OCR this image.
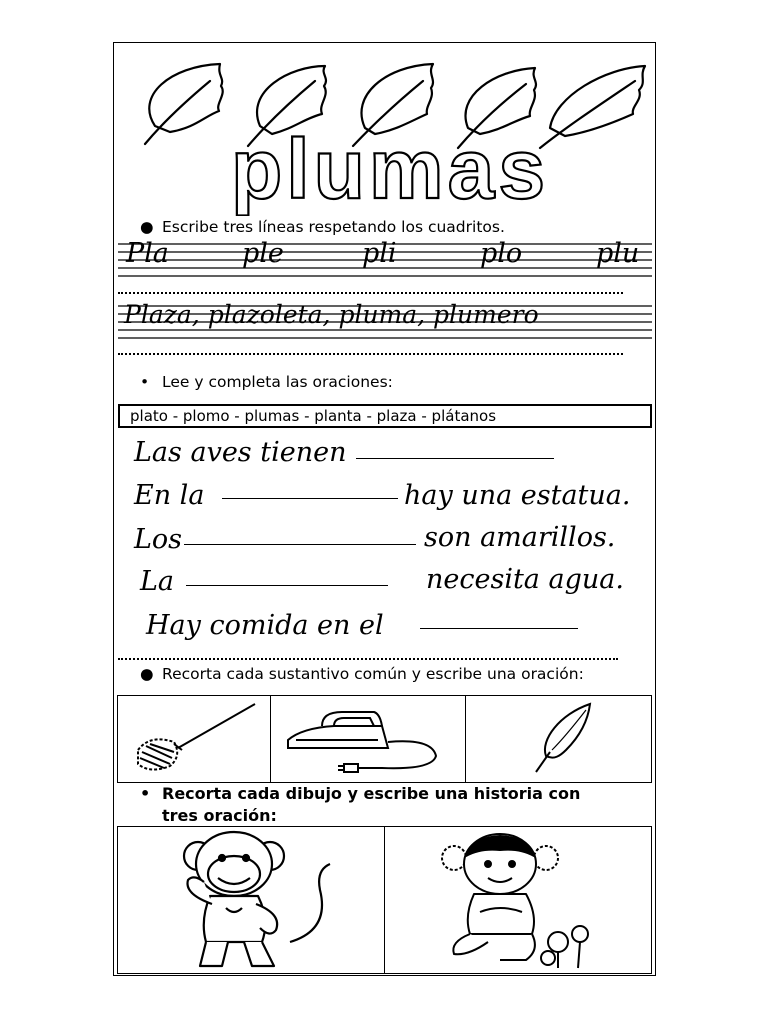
plumas
● Escribe tres líneas respetando los cuadritos.
Pla	ple	pli	plo	plu
Plaza, plazoleta, pluma, plumero
• Lee y completa las oraciones:
plato - plomo - plumas - planta - plaza - plátanos
Las aves tienen
En la	hay una estatua.
Los	son amarillos.
La	necesita agua.
Hay comida en el
● Recorta cada sustantivo común y escribe una oración:
• Recorta cada dibujo y escribe una historia con
tres oración:
